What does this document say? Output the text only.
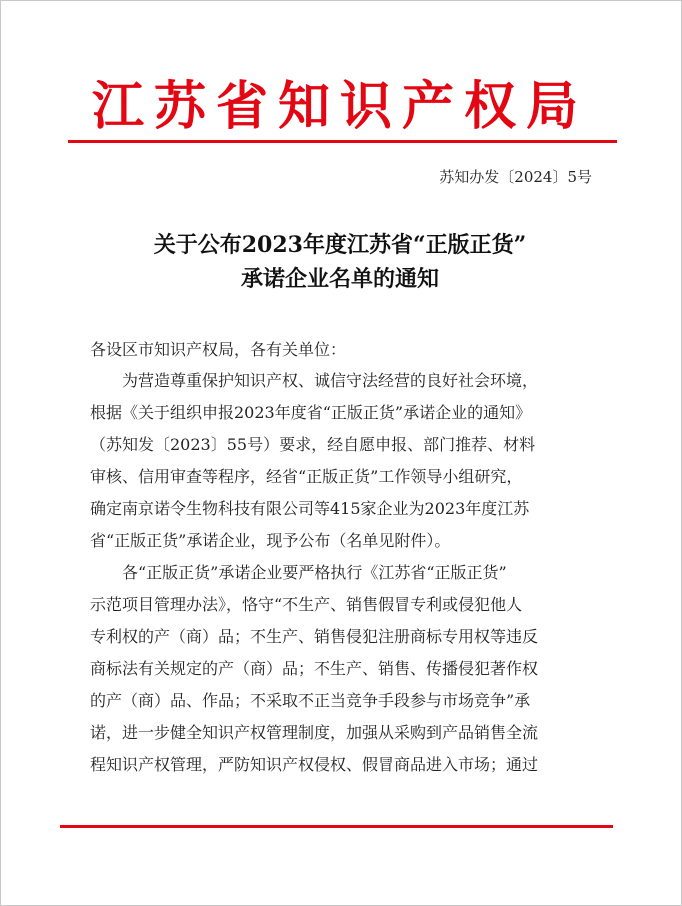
江苏省知识产权局
苏知办发〔2024〕5号
关于公布2023年度江苏省“正版正货”
承诺企业名单的通知
各设区市知识产权局，各有关单位：
为营造尊重保护知识产权、诚信守法经营的良好社会环境，
根据《关于组织申报2023年度省“正版正货”承诺企业的通知》
（苏知发〔2023〕55号）要求，经自愿申报、部门推荐、材料
审核、信用审查等程序，经省“正版正货”工作领导小组研究，
确定南京诺令生物科技有限公司等415家企业为2023年度江苏
省“正版正货”承诺企业，现予公布（名单见附件）。
各“正版正货”承诺企业要严格执行《江苏省“正版正货”
示范项目管理办法》，恪守“不生产、销售假冒专利或侵犯他人
专利权的产（商）品；不生产、销售侵犯注册商标专用权等违反
商标法有关规定的产（商）品；不生产、销售、传播侵犯著作权
的产（商）品、作品；不采取不正当竞争手段参与市场竞争”承
诺，进一步健全知识产权管理制度，加强从采购到产品销售全流
程知识产权管理，严防知识产权侵权、假冒商品进入市场；通过
